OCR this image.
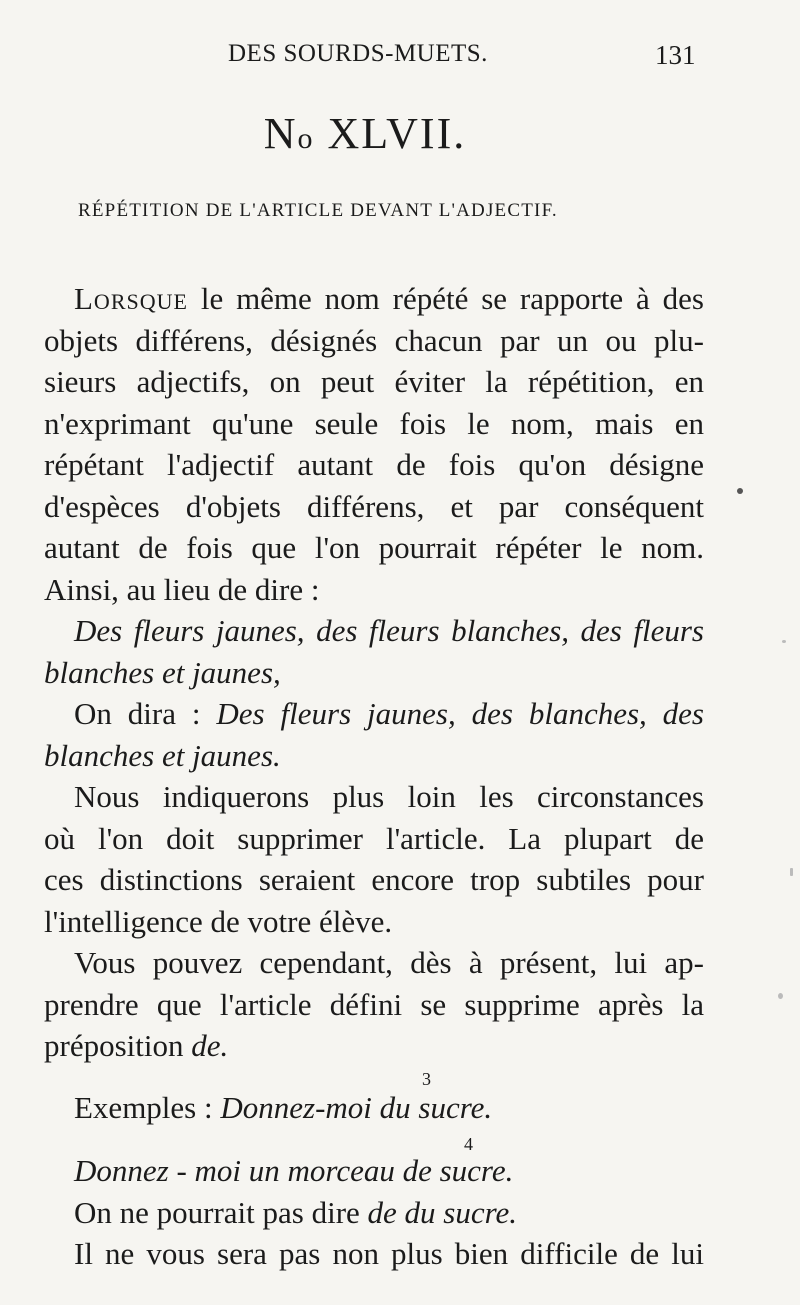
DES SOURDS-MUETS.	131
No XLVII.
RÉPÉTITION DE L'ARTICLE DEVANT L'ADJECTIF.
Lorsque le même nom répété se rapporte à des
objets différens, désignés chacun par un ou plu-
sieurs adjectifs, on peut éviter la répétition, en
n'exprimant qu'une seule fois le nom, mais en
répétant l'adjectif autant de fois qu'on désigne
d'espèces d'objets différens, et par conséquent
autant de fois que l'on pourrait répéter le nom.
Ainsi, au lieu de dire :
Des fleurs jaunes, des fleurs blanches, des fleurs
blanches et jaunes,
On dira : Des fleurs jaunes, des blanches, des
blanches et jaunes.
Nous indiquerons plus loin les circonstances
où l'on doit supprimer l'article. La plupart de
ces distinctions seraient encore trop subtiles pour
l'intelligence de votre élève.
Vous pouvez cependant, dès à présent, lui ap-
prendre que l'article défini se supprime après la
préposition de.
3
Exemples : Donnez-moi du sucre.
4
Donnez - moi un morceau de sucre.
On ne pourrait pas dire de du sucre.
Il ne vous sera pas non plus bien difficile de lui
